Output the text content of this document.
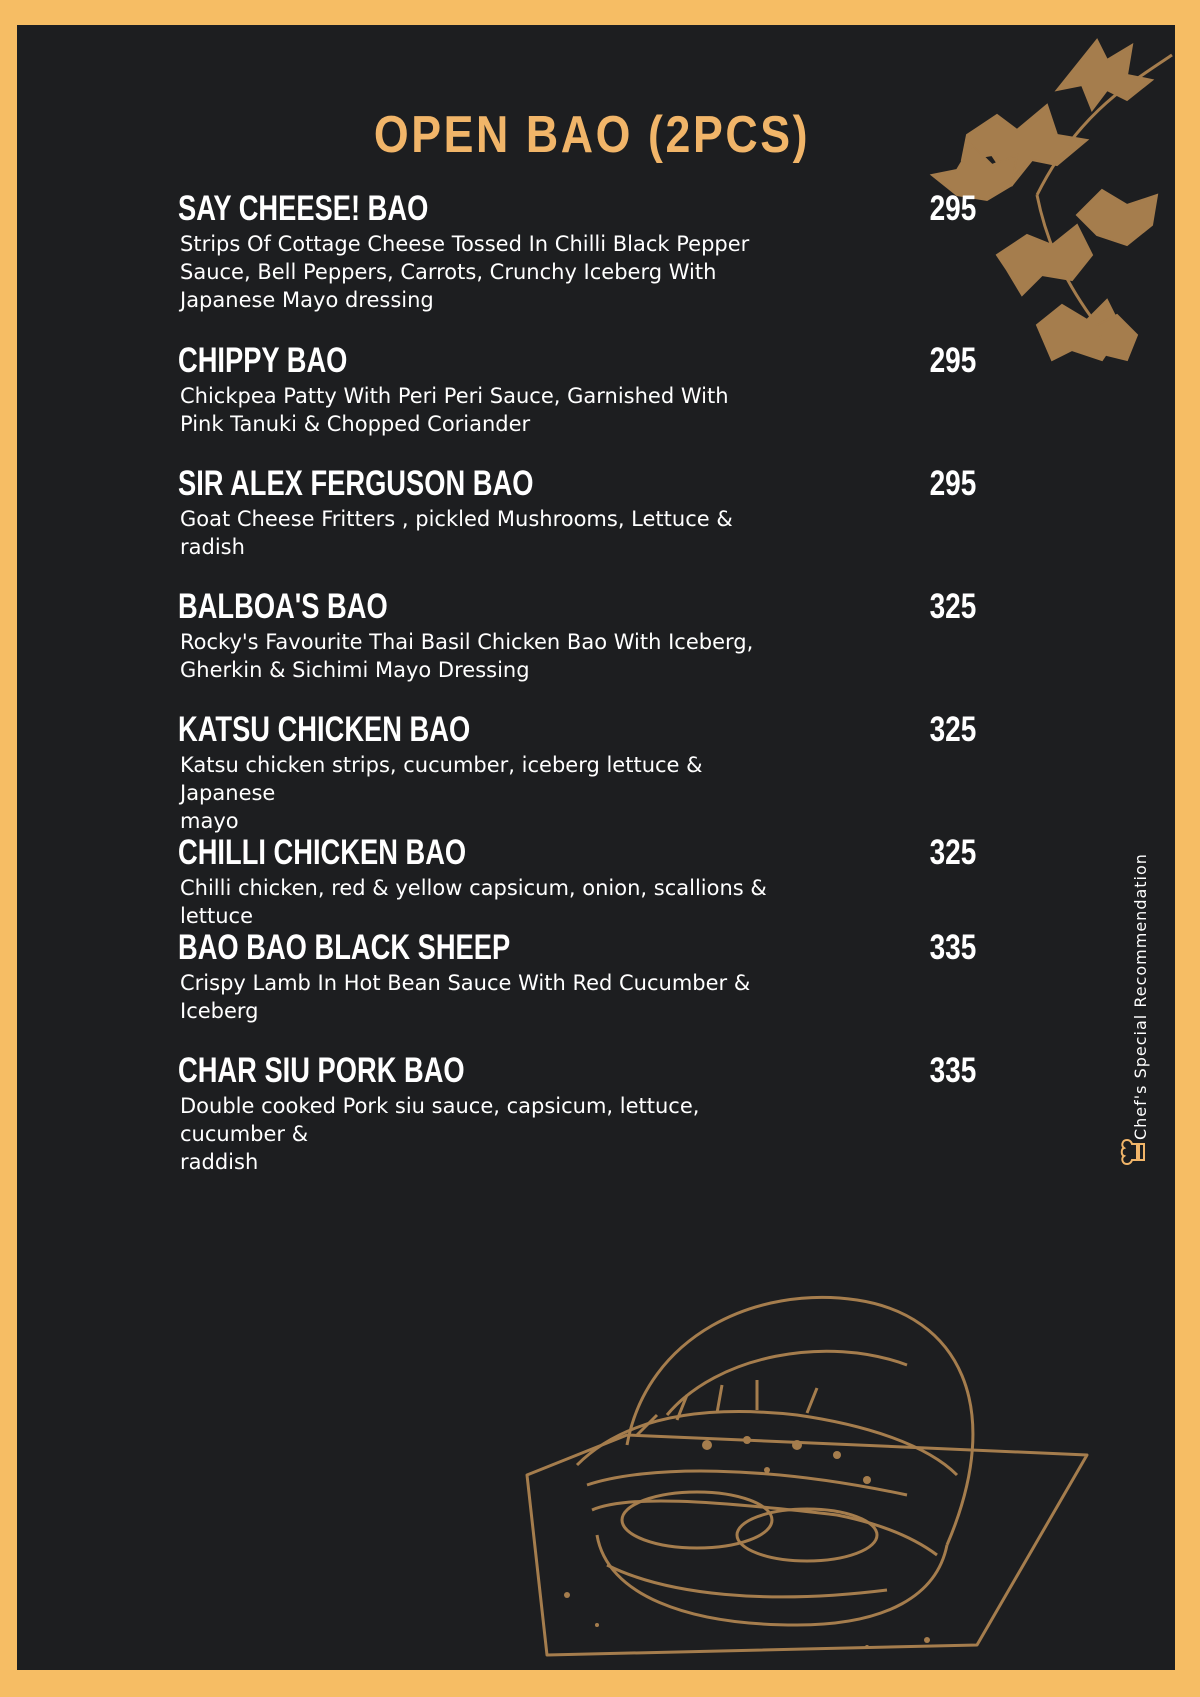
OPEN BAO (2PCS)
SAY CHEESE! BAO	295
Strips Of Cottage Cheese Tossed In Chilli Black Pepper
Sauce, Bell Peppers, Carrots, Crunchy Iceberg With
Japanese Mayo dressing
CHIPPY BAO	295
Chickpea Patty With Peri Peri Sauce, Garnished With
Pink Tanuki & Chopped Coriander
SIR ALEX FERGUSON BAO	295
Goat Cheese Fritters , pickled Mushrooms, Lettuce &
radish
BALBOA'S BAO	325
Rocky's Favourite Thai Basil Chicken Bao With Iceberg,
Gherkin & Sichimi Mayo Dressing
KATSU CHICKEN BAO	325
Katsu chicken strips, cucumber, iceberg lettuce & Japanese
mayo
CHILLI CHICKEN BAO	325
Chilli chicken, red & yellow capsicum, onion, scallions & lettuce
BAO BAO BLACK SHEEP	335
Crispy Lamb In Hot Bean Sauce With Red Cucumber &
Iceberg
CHAR SIU PORK BAO	335
Double cooked Pork siu sauce, capsicum, lettuce, cucumber &
raddish
Chef's Special Recommendation
